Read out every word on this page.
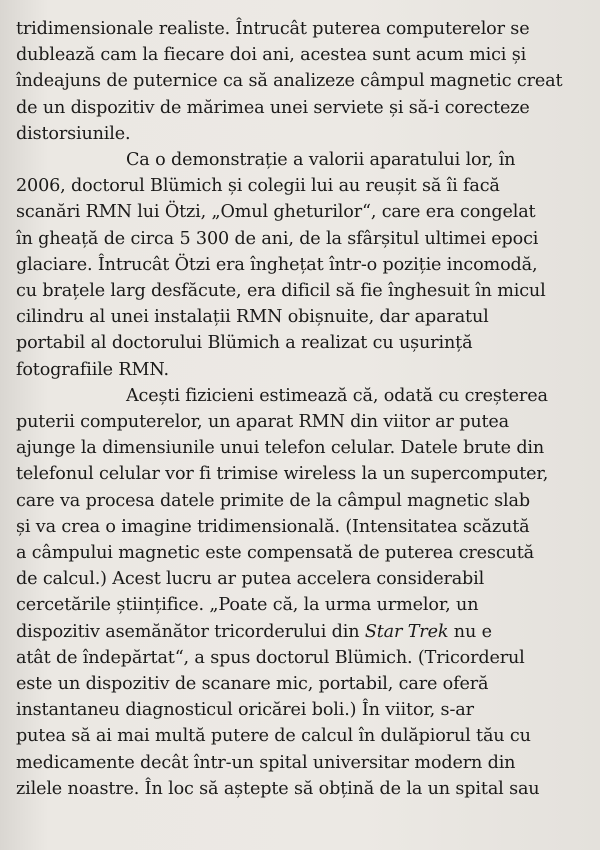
tridimensionale realiste. Întrucât puterea computerelor se
dublează cam la fiecare doi ani, acestea sunt acum mici și
îndeajuns de puternice ca să analizeze câmpul magnetic creat
de un dispozitiv de mărimea unei serviete și să-i corecteze
distorsiunile.
Ca o demonstrație a valorii aparatului lor, în
2006, doctorul Blümich și colegii lui au reușit să îi facă
scanări RMN lui Ötzi, „Omul gheturilor“, care era congelat
în gheață de circa 5 300 de ani, de la sfârșitul ultimei epoci
glaciare. Întrucât Ötzi era înghețat într-o poziție incomodă,
cu brațele larg desfăcute, era dificil să fie înghesuit în micul
cilindru al unei instalații RMN obișnuite, dar aparatul
portabil al doctorului Blümich a realizat cu ușurință
fotografiile RMN.
Acești fizicieni estimează că, odată cu creșterea
puterii computerelor, un aparat RMN din viitor ar putea
ajunge la dimensiunile unui telefon celular. Datele brute din
telefonul celular vor fi trimise wireless la un supercomputer,
care va procesa datele primite de la câmpul magnetic slab
și va crea o imagine tridimensională. (Intensitatea scăzută
a câmpului magnetic este compensată de puterea crescută
de calcul.) Acest lucru ar putea accelera considerabil
cercetările științifice. „Poate că, la urma urmelor, un
dispozitiv asemănător tricorderului din Star Trek nu e
atât de îndepărtat“, a spus doctorul Blümich. (Tricorderul
este un dispozitiv de scanare mic, portabil, care oferă
instantaneu diagnosticul oricărei boli.) În viitor, s-ar
putea să ai mai multă putere de calcul în dulăpiorul tău cu
medicamente decât într-un spital universitar modern din
zilele noastre. În loc să aștepte să obțină de la un spital sau
